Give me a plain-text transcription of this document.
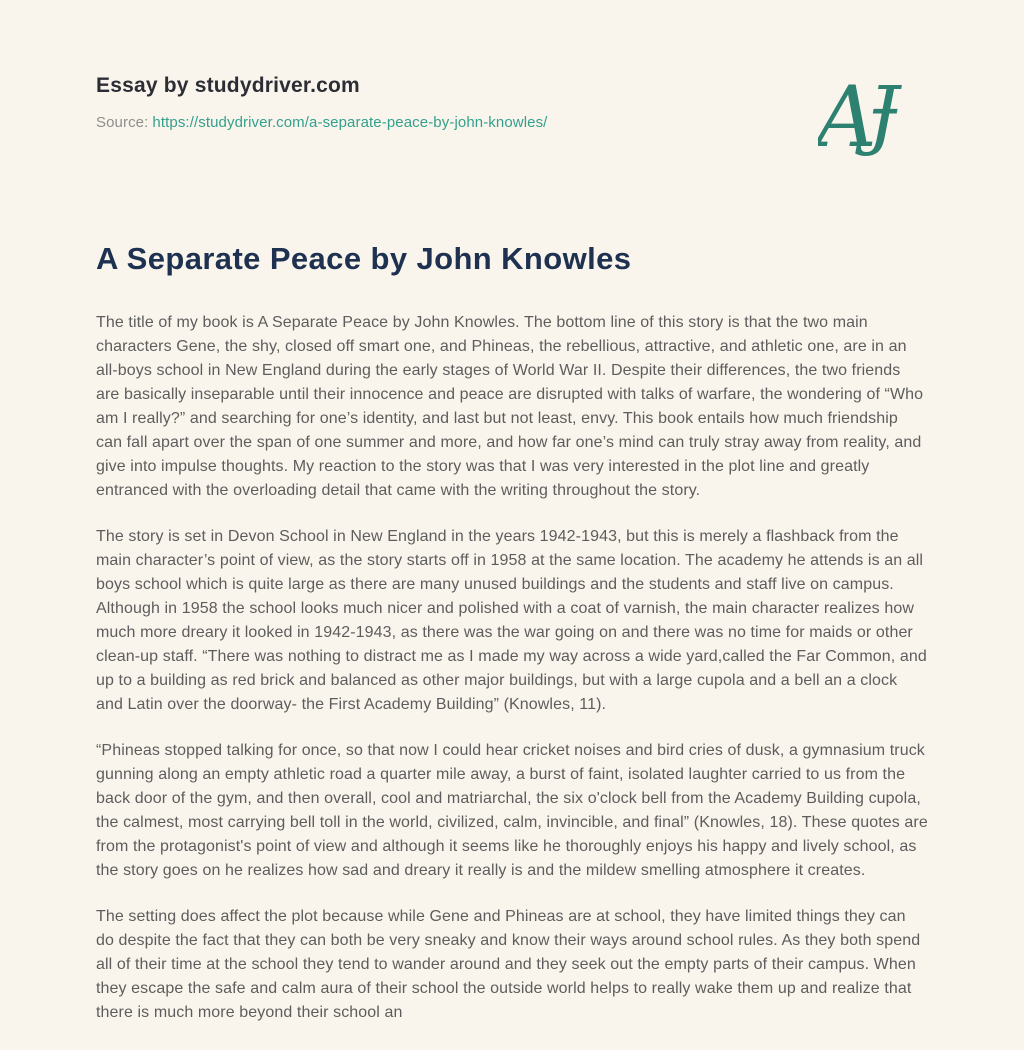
Essay by studydriver.com
Source: https://studydriver.com/a-separate-peace-by-john-knowles/	A
Ɉ
A Separate Peace by John Knowles

The title of my book is A Separate Peace by John Knowles. The bottom line of this story is that the two main characters Gene, the shy, closed off smart one, and Phineas, the rebellious, attractive, and athletic one, are in an all-boys school in New England during the early stages of World War II. Despite their differences, the two friends are basically inseparable until their innocence and peace are disrupted with talks of warfare, the wondering of “Who am I really?” and searching for one’s identity, and last but not least, envy. This book entails how much friendship can fall apart over the span of one summer and more, and how far one’s mind can truly stray away from reality, and give into impulse thoughts. My reaction to the story was that I was very interested in the plot line and greatly entranced with the overloading detail that came with the writing throughout the story.

The story is set in Devon School in New England in the years 1942-1943, but this is merely a flashback from the main character’s point of view, as the story starts off in 1958 at the same location. The academy he attends is an all boys school which is quite large as there are many unused buildings and the students and staff live on campus. Although in 1958 the school looks much nicer and polished with a coat of varnish, the main character realizes how much more dreary it looked in 1942-1943, as there was the war going on and there was no time for maids or other clean-up staff. “There was nothing to distract me as I made my way across a wide yard,called the Far Common, and up to a building as red brick and balanced as other major buildings, but with a large cupola and a bell an a clock and Latin over the doorway- the First Academy Building” (Knowles, 11).

“Phineas stopped talking for once, so that now I could hear cricket noises and bird cries of dusk, a gymnasium truck gunning along an empty athletic road a quarter mile away, a burst of faint, isolated laughter carried to us from the back door of the gym, and then overall, cool and matriarchal, the six o'clock bell from the Academy Building cupola, the calmest, most carrying bell toll in the world, civilized, calm, invincible, and final” (Knowles, 18). These quotes are from the protagonist's point of view and although it seems like he thoroughly enjoys his happy and lively school, as the story goes on he realizes how sad and dreary it really is and the mildew smelling atmosphere it creates.

The setting does affect the plot because while Gene and Phineas are at school, they have limited things they can do despite the fact that they can both be very sneaky and know their ways around school rules. As they both spend all of their time at the school they tend to wander around and they seek out the empty parts of their campus. When they escape the safe and calm aura of their school the outside world helps to really wake them up and realize that there is much more beyond their school an
